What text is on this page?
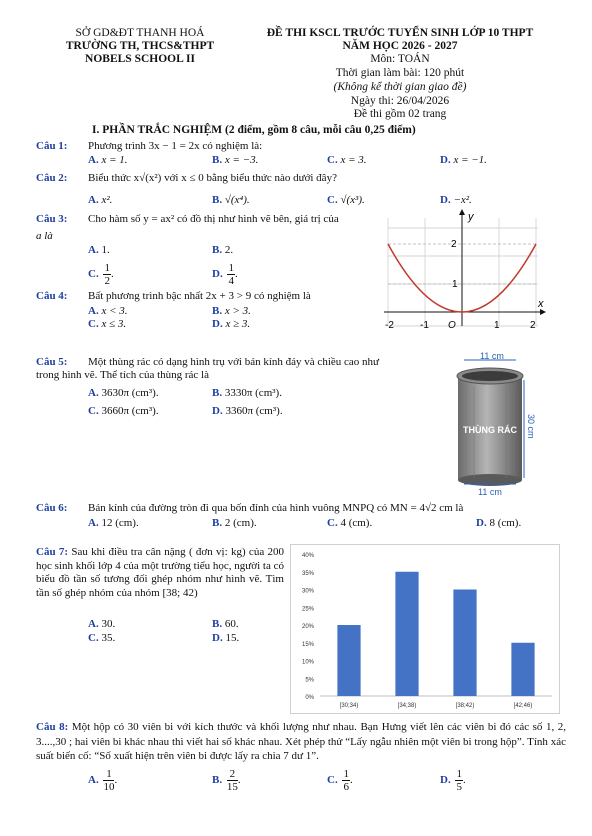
SỞ GD&ĐT THANH HOÁ
TRƯỜNG TH, THCS&THPT
NOBELS SCHOOL II
ĐỀ THI KSCL TRƯỚC TUYỂN SINH LỚP 10 THPT
NĂM HỌC 2026 - 2027
Môn: TOÁN
Thời gian làm bài: 120 phút
(Không kể thời gian giao đề)
Ngày thi: 26/04/2026
Đề thi gồm 02 trang
I. PHẦN TRẮC NGHIỆM (2 điểm, gồm 8 câu, mỗi câu 0,25 điểm)
Câu 1: Phương trình 3x − 1 = 2x có nghiệm là:
A. x = 1.	B. x = −3.	C. x = 3.	D. x = −1.
Câu 2: Biểu thức x√(x²) với x ≤ 0 bằng biểu thức nào dưới đây?
A. x².	B. √(x⁴).	C. √(x³).	D. −x².
Câu 3: Cho hàm số y = ax² có đồ thị như hình vẽ bên, giá trị của
a là
A. 1.	B. 2.
C. $\frac{1}{2}$ .	D. $\frac{1}{4}$ .
y
x
2
1
O
-2	-1	1	2
Câu 4: Bất phương trình bậc nhất 2x + 3 > 9 có nghiệm là
A. x < 3.	B. x > 3.
C. x ≤ 3.	D. x ≥ 3.
Câu 5: Một thùng rác có dạng hình trụ với bán kính đáy và chiều cao như
trong hình vẽ. Thể tích của thùng rác là
A. 3630π (cm³).	B. 3330π (cm³).
C. 3660π (cm³).	D. 3360π (cm³).
11 cm
THÙNG RÁC 30 cm
11 cm
Câu 6: Bán kính của đường tròn đi qua bốn đỉnh của hình vuông MNPQ có MN = 4√2 cm là
A. 12 (cm).	B. 2 (cm).	C. 4 (cm).	D. 8 (cm).
Câu 7: Sau khi điều tra cân nặng ( đơn vị: kg) của 200 học sinh khối lớp 4 của một trường tiểu học, người ta có biểu đồ tần số tương đối ghép nhóm như hình vẽ. Tìm tần số ghép nhóm của nhóm [38; 42)
A. 30.	B. 60.
C. 35.	D. 15.
0%
5%
10%
15%
20%
25%
30%
35%
40%
[30;34)	[34;38)	[38;42)	[42;46)
Câu 8: Một hộp có 30 viên bi với kích thước và khối lượng như nhau. Bạn Hưng viết lên các viên bi đó các số 1, 2, 3....,30 ; hai viên bi khác nhau thì viết hai số khác nhau. Xét phép thử “Lấy ngẫu nhiên một viên bi trong hộp”. Tính xác suất biến cố: “Số xuất hiện trên viên bi được lấy ra chia 7 dư 1”.
A. $\frac{1}{10}$ .	B. $\frac{2}{15}$ .	C. $\frac{1}{6}$ .	D. $\frac{1}{5}$ .
